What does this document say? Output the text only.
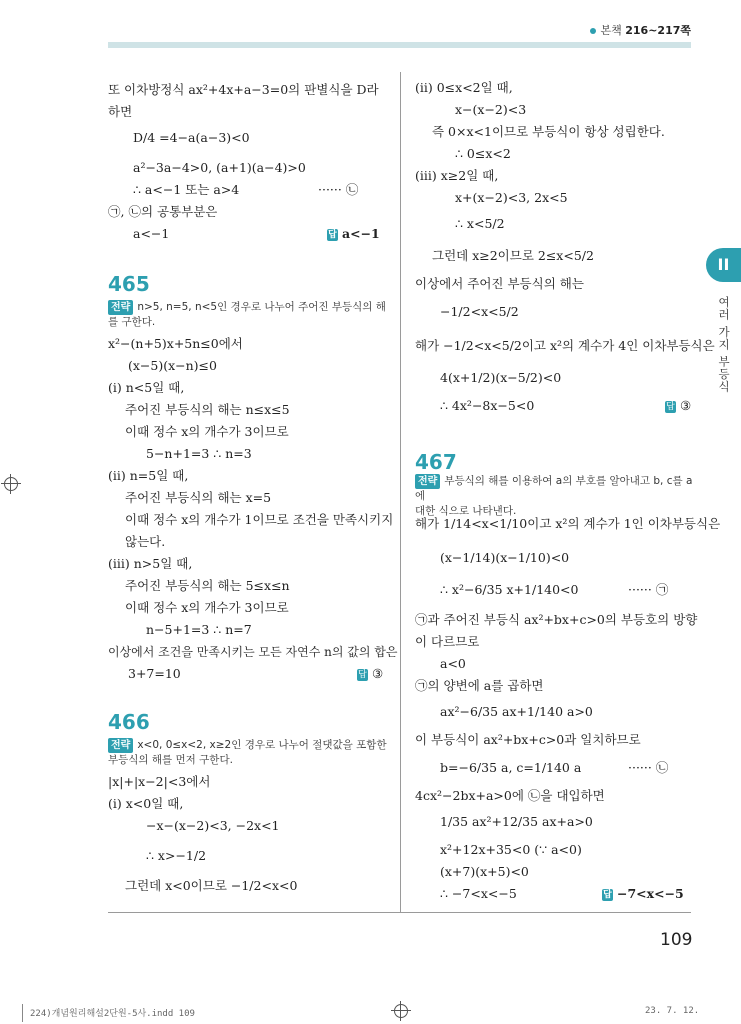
본책 216~217쪽
II
여러 가지 부등식
또 이차방정식 ax²+4x+a−3=0의 판별식을 D라
하면
D/4 =4−a(a−3)<0
a²−3a−4>0, (a+1)(a−4)>0
∴ a<−1 또는 a>4	······ ㉡
㉠, ㉡의 공통부분은
a<−1	답 a<−1
465
전략 n>5, n=5, n<5인 경우로 나누어 주어진 부등식의 해
를 구한다.
x²−(n+5)x+5n≤0에서
(x−5)(x−n)≤0
(ⅰ) n<5일 때,
주어진 부등식의 해는 n≤x≤5
이때 정수 x의 개수가 3이므로
5−n+1=3 ∴ n=3
(ⅱ) n=5일 때,
주어진 부등식의 해는 x=5
이때 정수 x의 개수가 1이므로 조건을 만족시키지
않는다.
(ⅲ) n>5일 때,
주어진 부등식의 해는 5≤x≤n
이때 정수 x의 개수가 3이므로
n−5+1=3 ∴ n=7
이상에서 조건을 만족시키는 모든 자연수 n의 값의 합은
3+7=10	답 ③
466
전략 x<0, 0≤x<2, x≥2인 경우로 나누어 절댓값을 포함한
부등식의 해를 먼저 구한다.
|x|+|x−2|<3에서
(ⅰ) x<0일 때,
−x−(x−2)<3, −2x<1
∴ x>−1/2
그런데 x<0이므로 −1/2<x<0
(ⅱ) 0≤x<2일 때,
x−(x−2)<3
즉 0×x<1이므로 부등식이 항상 성립한다.
∴ 0≤x<2
(ⅲ) x≥2일 때,
x+(x−2)<3, 2x<5
∴ x<5/2
그런데 x≥2이므로 2≤x<5/2
이상에서 주어진 부등식의 해는
−1/2<x<5/2
해가 −1/2<x<5/2이고 x²의 계수가 4인 이차부등식은
4(x+1/2)(x−5/2)<0
∴ 4x²−8x−5<0	답 ③
467
전략 부등식의 해를 이용하여 a의 부호를 알아내고 b, c를 a에
대한 식으로 나타낸다.
해가 1/14<x<1/10이고 x²의 계수가 1인 이차부등식은
(x−1/14)(x−1/10)<0
∴ x²−6/35 x+1/140<0	······ ㉠
㉠과 주어진 부등식 ax²+bx+c>0의 부등호의 방향
이 다르므로
a<0
㉠의 양변에 a를 곱하면
ax²−6/35 ax+1/140 a>0
이 부등식이 ax²+bx+c>0과 일치하므로
b=−6/35 a, c=1/140 a	······ ㉡
4cx²−2bx+a>0에 ㉡을 대입하면
1/35 ax²+12/35 ax+a>0
x²+12x+35<0 (∵ a<0)
(x+7)(x+5)<0
∴ −7<x<−5	답 −7<x<−5
109
224)개념원리해설2단원-5사.indd 109	23. 7. 12.
